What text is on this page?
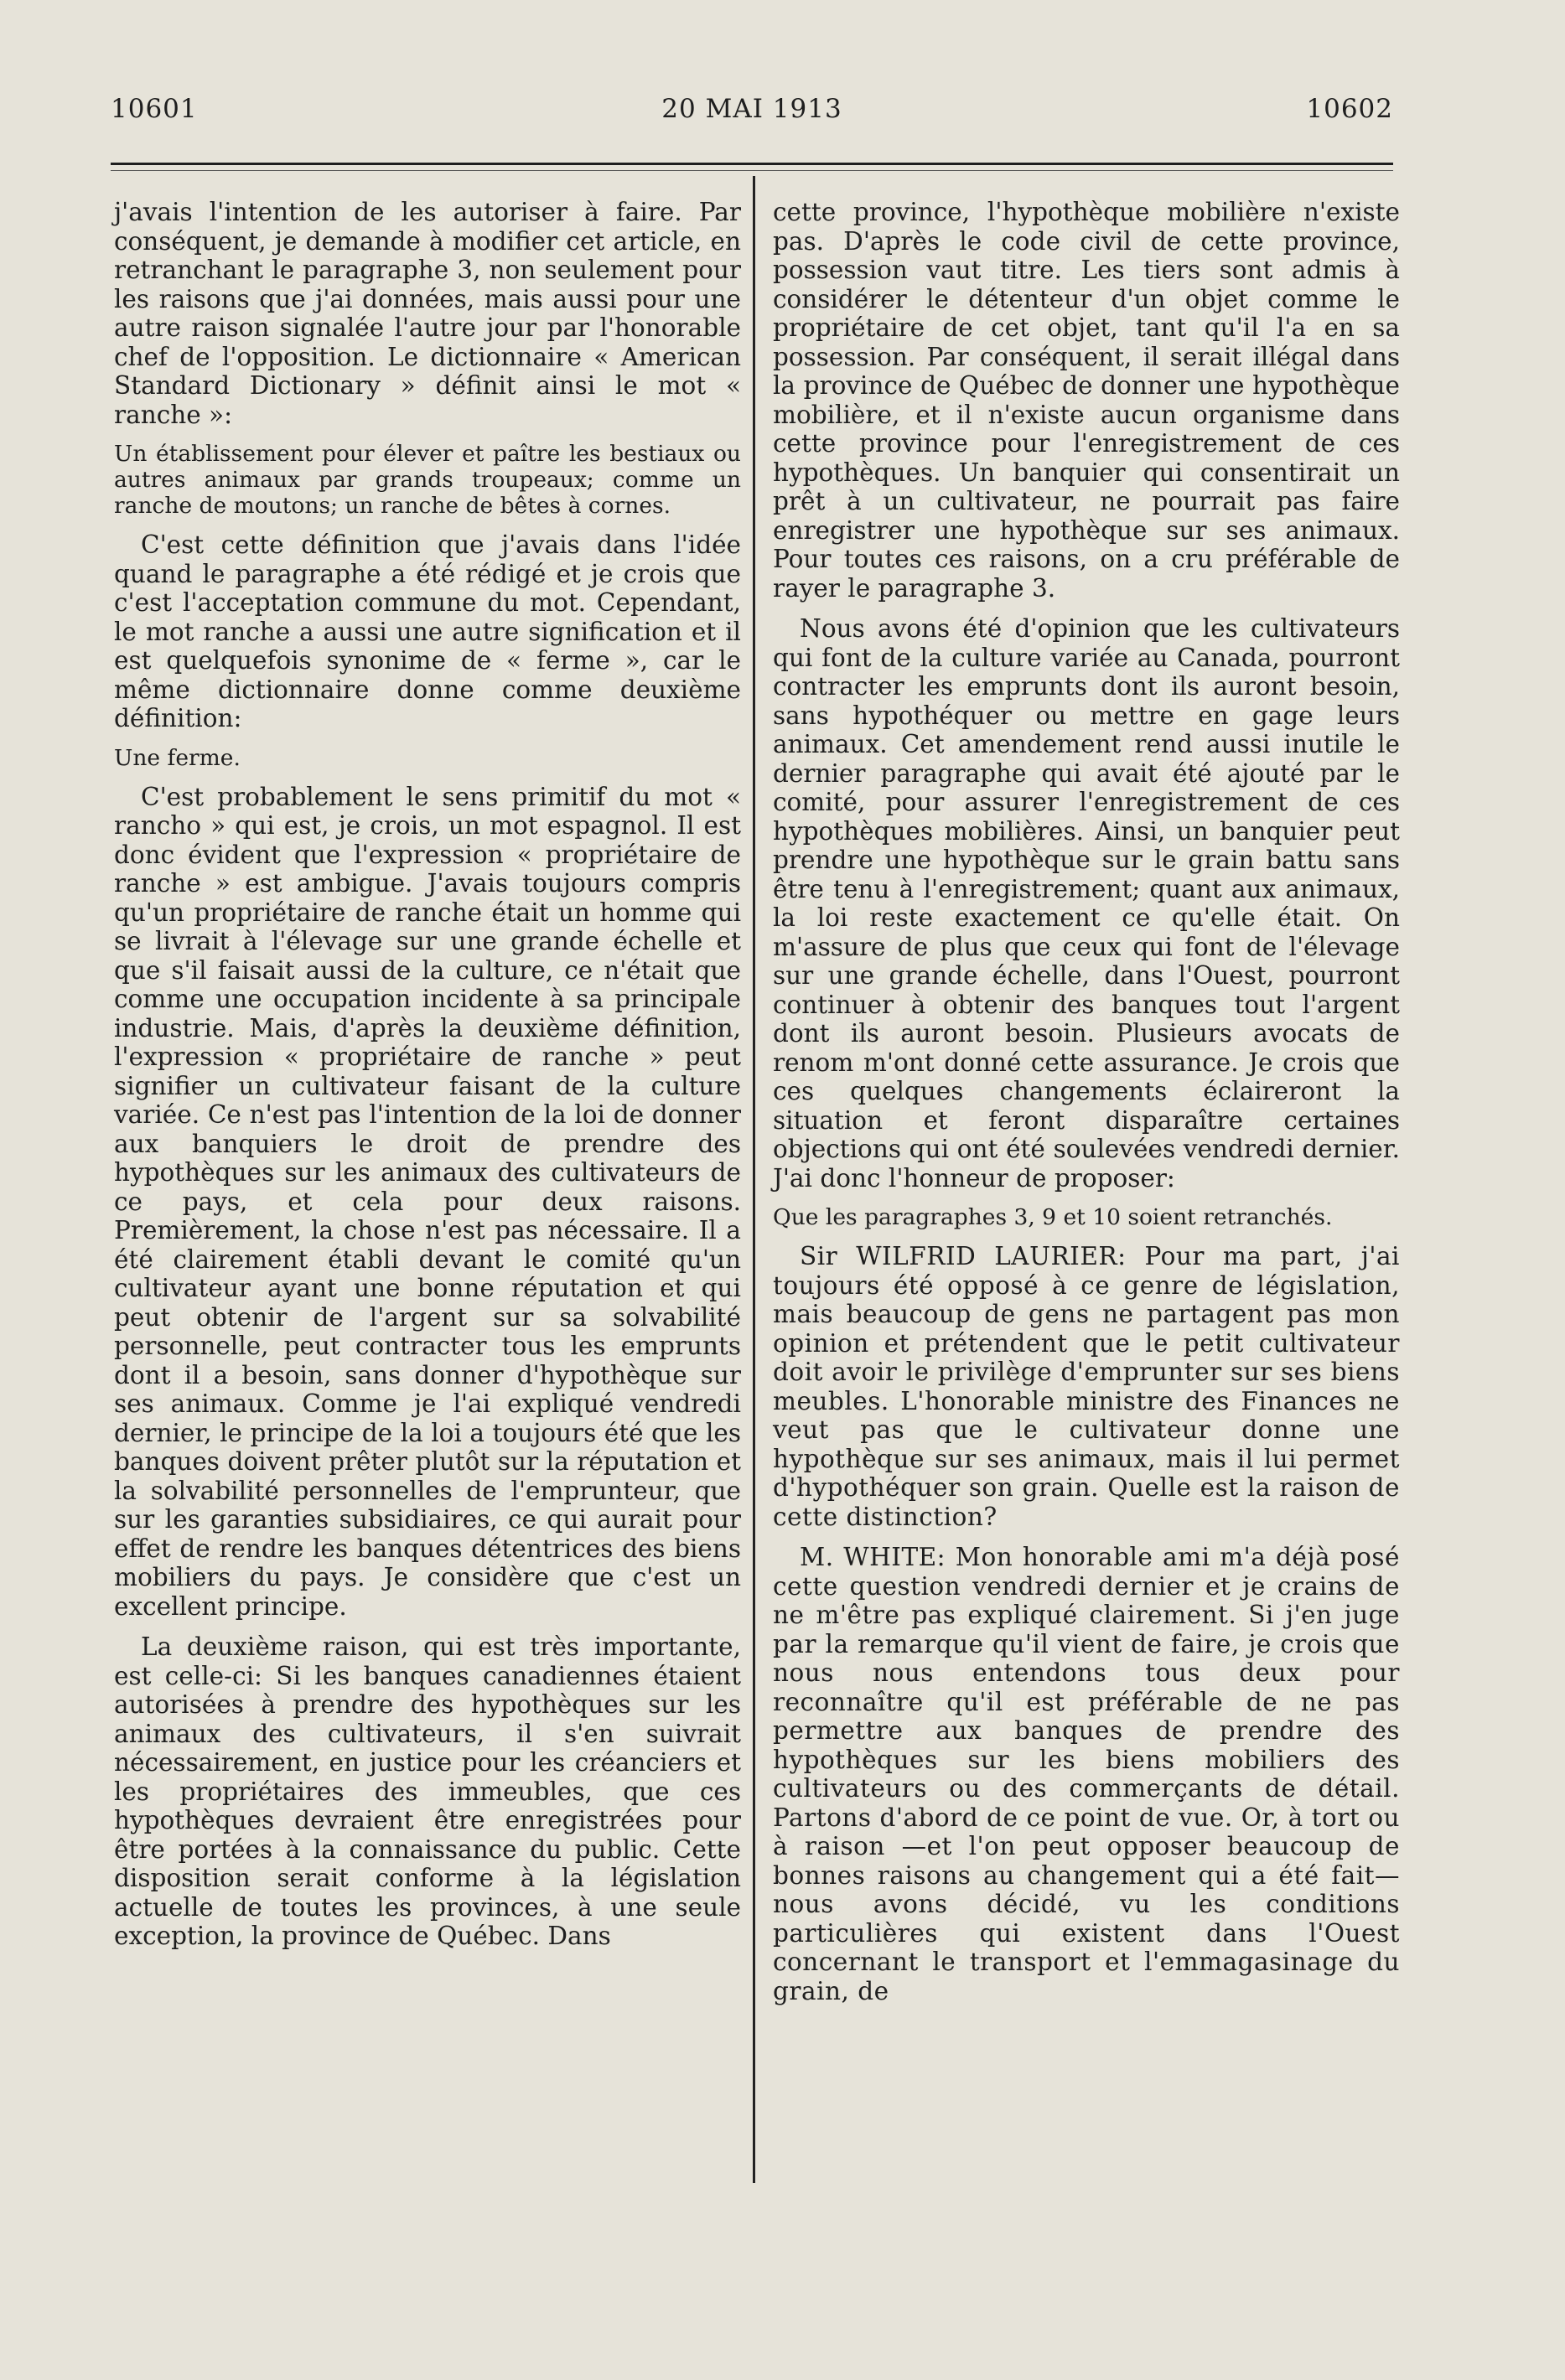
10601	20 MAI 1913	10602

j'avais l'intention de les autoriser à faire. Par conséquent, je demande à modifier cet article, en retranchant le paragraphe 3, non seulement pour les raisons que j'ai données, mais aussi pour une autre raison signalée l'autre jour par l'honorable chef de l'opposition. Le dictionnaire « American Standard Dictionary » définit ainsi le mot « ranche »:

Un établissement pour élever et paître les bestiaux ou autres animaux par grands troupeaux; comme un ranche de moutons; un ranche de bêtes à cornes.

C'est cette définition que j'avais dans l'idée quand le paragraphe a été rédigé et je crois que c'est l'acceptation commune du mot. Cependant, le mot ranche a aussi une autre signification et il est quelquefois synonime de « ferme », car le même dictionnaire donne comme deuxième définition:

Une ferme.

C'est probablement le sens primitif du mot « rancho » qui est, je crois, un mot espagnol. Il est donc évident que l'expression « propriétaire de ranche » est ambigue. J'avais toujours compris qu'un propriétaire de ranche était un homme qui se livrait à l'élevage sur une grande échelle et que s'il faisait aussi de la culture, ce n'était que comme une occupation incidente à sa principale industrie. Mais, d'après la deuxième définition, l'expression « propriétaire de ranche » peut signifier un cultivateur faisant de la culture variée. Ce n'est pas l'intention de la loi de donner aux banquiers le droit de prendre des hypothèques sur les animaux des cultivateurs de ce pays, et cela pour deux raisons. Premièrement, la chose n'est pas nécessaire. Il a été clairement établi devant le comité qu'un cultivateur ayant une bonne réputation et qui peut obtenir de l'argent sur sa solvabilité personnelle, peut contracter tous les emprunts dont il a besoin, sans donner d'hypothèque sur ses animaux. Comme je l'ai expliqué vendredi dernier, le principe de la loi a toujours été que les banques doivent prêter plutôt sur la réputation et la solvabilité personnelles de l'emprunteur, que sur les garanties subsidiaires, ce qui aurait pour effet de rendre les banques détentrices des biens mobiliers du pays. Je considère que c'est un excellent principe.

La deuxième raison, qui est très importante, est celle-ci: Si les banques canadiennes étaient autorisées à prendre des hypothèques sur les animaux des cultivateurs, il s'en suivrait nécessairement, en justice pour les créanciers et les propriétaires des immeubles, que ces hypothèques devraient être enregistrées pour être portées à la connaissance du public. Cette disposition serait conforme à la législation actuelle de toutes les provinces, à une seule exception, la province de Québec. Dans

cette province, l'hypothèque mobilière n'existe pas. D'après le code civil de cette province, possession vaut titre. Les tiers sont admis à considérer le détenteur d'un objet comme le propriétaire de cet objet, tant qu'il l'a en sa possession. Par conséquent, il serait illégal dans la province de Québec de donner une hypothèque mobilière, et il n'existe aucun organisme dans cette province pour l'enregistrement de ces hypothèques. Un banquier qui consentirait un prêt à un cultivateur, ne pourrait pas faire enregistrer une hypothèque sur ses animaux. Pour toutes ces raisons, on a cru préférable de rayer le paragraphe 3.

Nous avons été d'opinion que les cultivateurs qui font de la culture variée au Canada, pourront contracter les emprunts dont ils auront besoin, sans hypothéquer ou mettre en gage leurs animaux. Cet amendement rend aussi inutile le dernier paragraphe qui avait été ajouté par le comité, pour assurer l'enregistrement de ces hypothèques mobilières. Ainsi, un banquier peut prendre une hypothèque sur le grain battu sans être tenu à l'enregistrement; quant aux animaux, la loi reste exactement ce qu'elle était. On m'assure de plus que ceux qui font de l'élevage sur une grande échelle, dans l'Ouest, pourront continuer à obtenir des banques tout l'argent dont ils auront besoin. Plusieurs avocats de renom m'ont donné cette assurance. Je crois que ces quelques changements éclaireront la situation et feront disparaître certaines objections qui ont été soulevées vendredi dernier. J'ai donc l'honneur de proposer:

Que les paragraphes 3, 9 et 10 soient retranchés.

Sir WILFRID LAURIER: Pour ma part, j'ai toujours été opposé à ce genre de législation, mais beaucoup de gens ne partagent pas mon opinion et prétendent que le petit cultivateur doit avoir le privilège d'emprunter sur ses biens meubles. L'honorable ministre des Finances ne veut pas que le cultivateur donne une hypothèque sur ses animaux, mais il lui permet d'hypothéquer son grain. Quelle est la raison de cette distinction?

M. WHITE: Mon honorable ami m'a déjà posé cette question vendredi dernier et je crains de ne m'être pas expliqué clairement. Si j'en juge par la remarque qu'il vient de faire, je crois que nous nous entendons tous deux pour reconnaître qu'il est préférable de ne pas permettre aux banques de prendre des hypothèques sur les biens mobiliers des cultivateurs ou des commerçants de détail. Partons d'abord de ce point de vue. Or, à tort ou à raison —et l'on peut opposer beaucoup de bonnes raisons au changement qui a été fait—nous avons décidé, vu les conditions particulières qui existent dans l'Ouest concernant le transport et l'emmagasinage du grain, de
